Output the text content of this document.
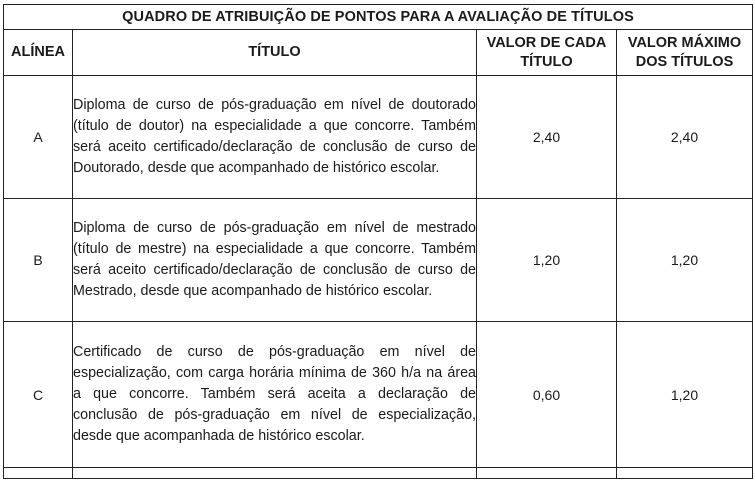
QUADRO DE ATRIBUIÇÃO DE PONTOS PARA A AVALIAÇÃO DE TÍTULOS			
ALÍNEA	TÍTULO	VALOR DE CADA TÍTULO	VALOR MÁXIMO DOS TÍTULOS
A	Diploma de curso de pós-graduação em nível de doutorado (título de doutor) na especialidade a que concorre. Também será aceito certificado/declaração de conclusão de curso de Doutorado, desde que acompanhado de histórico escolar.	2,40	2,40
B	Diploma de curso de pós-graduação em nível de mestrado (título de mestre) na especialidade a que concorre. Também será aceito certificado/declaração de conclusão de curso de Mestrado, desde que acompanhado de histórico escolar.	1,20	1,20
C	Certificado de curso de pós-graduação em nível de especialização, com carga horária mínima de 360 h/a na área a que concorre. Também será aceita a declaração de conclusão de pós-graduação em nível de especialização, desde que acompanhada de histórico escolar.	0,60	1,20
